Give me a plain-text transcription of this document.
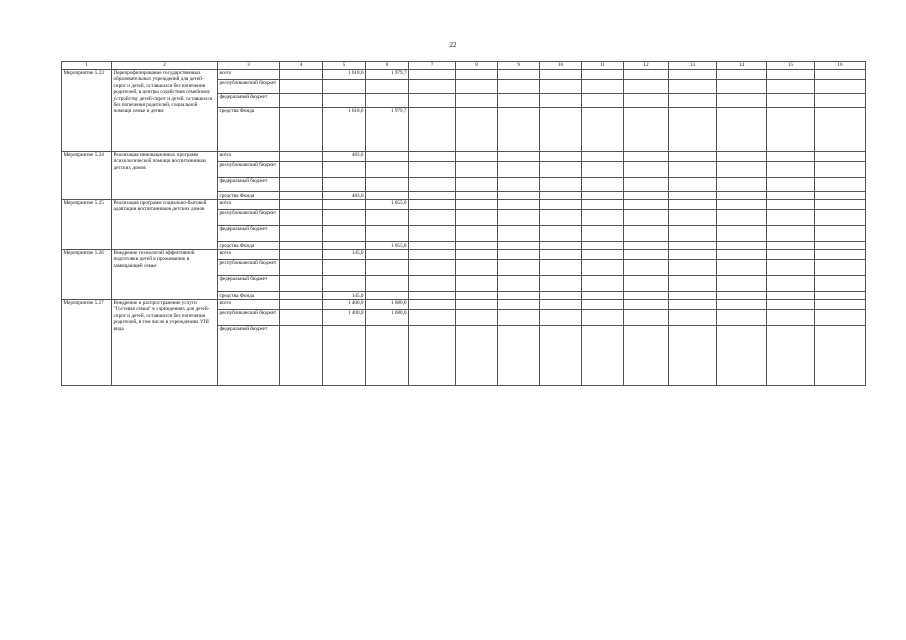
22
1	2	3	4	5	6	7	8	9	10	11	12	13	14	15	16
Мероприятие 5.23	Перепрофилирование государственных образовательных учреждений для детей-сирот и детей, оставшихся без попечения родителей, в центры содействия семейному устройству детей-сирот и детей, оставшихся без попечения родителей, социальной помощи семье и детям	всего		1 618,6	1 979,7										
		республиканский бюджет													
		федеральный бюджет													
		средства Фонда		1 618,6	1 979,7										
Мероприятие 5.24	Реализация инновационных программ психологической помощи воспитанникам детских домов	всего		483,6											
		республиканский бюджет													
		федеральный бюджет													
		средства Фонда		483,6											
Мероприятие 5.25	Реализация программ социально-бытовой адаптации воспитанников детских домов	всего			1 055,0										
		республиканский бюджет													
		федеральный бюджет													
		средства Фонда			1 055,0										
Мероприятие 5.26	Внедрение технологий эффективной подготовки детей к проживанию в замещающей семье	всего		145,0											
		республиканский бюджет													
		федеральный бюджет													
		средства Фонда		145,0											
Мероприятие 5.27	Внедрение и распространение услуги "Гостевая семья" в учреждениях для детей-сирот и детей, оставшихся без попечения родителей, в том числе в учреждениях VIII вида	всего		1 400,0	1 680,0										
		республиканский бюджет		1 400,0	1 680,0										
		федеральный бюджет													
